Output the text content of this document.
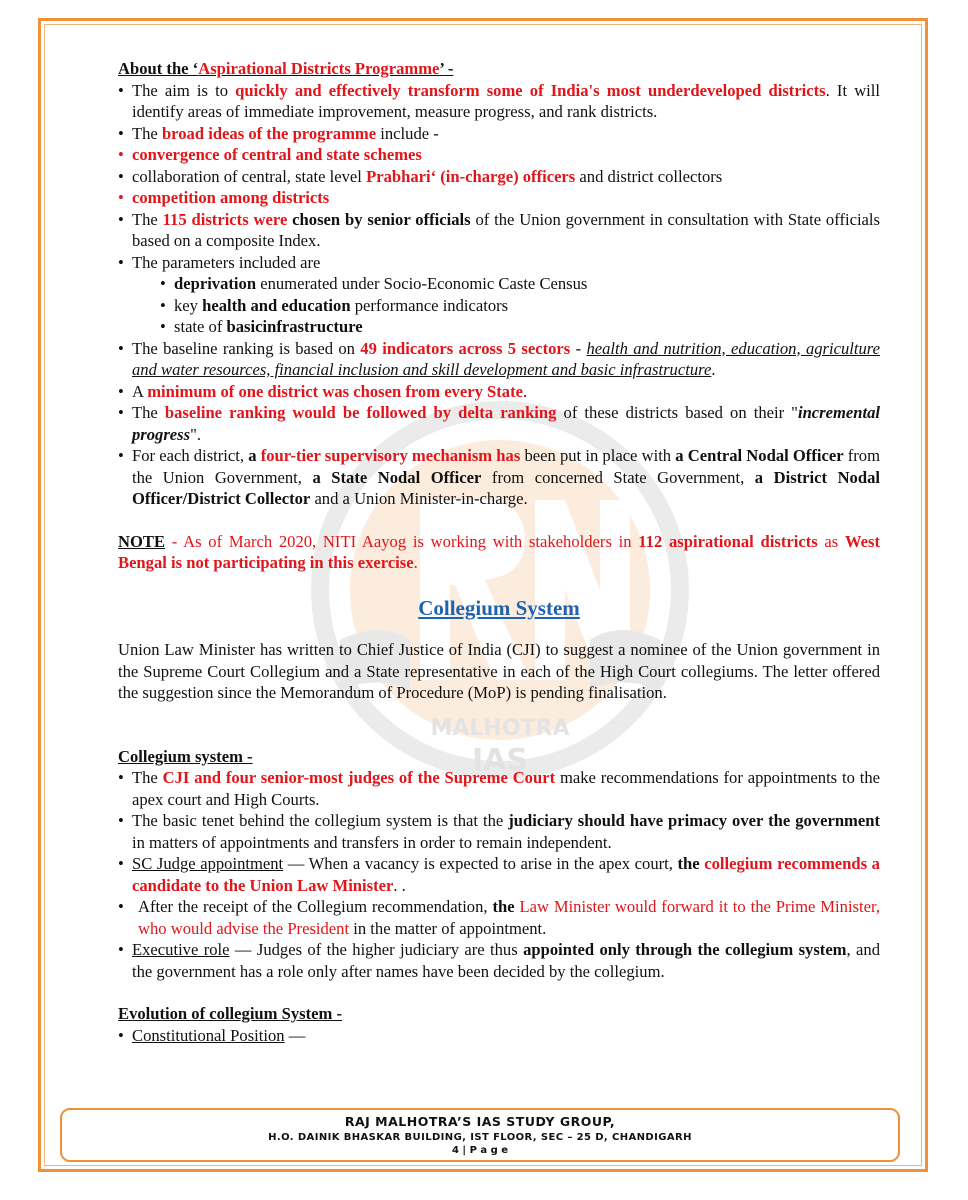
MALHOTRA
IAS

About the ‘Aspirational Districts Programme’ -

• The aim is to quickly and effectively transform some of India's most underdeveloped districts. It will identify areas of immediate improvement, measure progress, and rank districts.
• The broad ideas of the programme include -
• convergence of central and state schemes
• collaboration of central, state level Prabhari‘ (in-charge) officers and district collectors
• competition among districts
• The 115 districts were chosen by senior officials of the Union government in consultation with State officials based on a composite Index.
• The parameters included are
• deprivation enumerated under Socio-Economic Caste Census
• key health and education performance indicators
• state of basicinfrastructure
• The baseline ranking is based on 49 indicators across 5 sectors - health and nutrition, education, agriculture and water resources, financial inclusion and skill development and basic infrastructure.
• A minimum of one district was chosen from every State.
• The baseline ranking would be followed by delta ranking of these districts based on their "incremental progress".
• For each district, a four-tier supervisory mechanism has been put in place with a Central Nodal Officer from the Union Government, a State Nodal Officer from concerned State Government, a District Nodal Officer/District Collector and a Union Minister-in-charge.

NOTE - As of March 2020, NITI Aayog is working with stakeholders in 112 aspirational districts as West Bengal is not participating in this exercise.

Collegium System

Union Law Minister has written to Chief Justice of India (CJI) to suggest a nominee of the Union government in the Supreme Court Collegium and a State representative in each of the High Court collegiums. The letter offered the suggestion since the Memorandum of Procedure (MoP) is pending finalisation.

Collegium system -

• The CJI and four senior-most judges of the Supreme Court make recommendations for appointments to the apex court and High Courts.
• The basic tenet behind the collegium system is that the judiciary should have primacy over the government in matters of appointments and transfers in order to remain independent.
• SC Judge appointment — When a vacancy is expected to arise in the apex court, the collegium recommends a candidate to the Union Law Minister. .
• After the receipt of the Collegium recommendation, the Law Minister would forward it to the Prime Minister, who would advise the President in the matter of appointment.
• Executive role — Judges of the higher judiciary are thus appointed only through the collegium system, and the government has a role only after names have been decided by the collegium.

Evolution of collegium System -

• Constitutional Position —
RAJ MALHOTRA’S IAS STUDY GROUP,
H.O. DAINIK BHASKAR BUILDING, IST FLOOR, SEC – 25 D, CHANDIGARH
4 | P a g e
